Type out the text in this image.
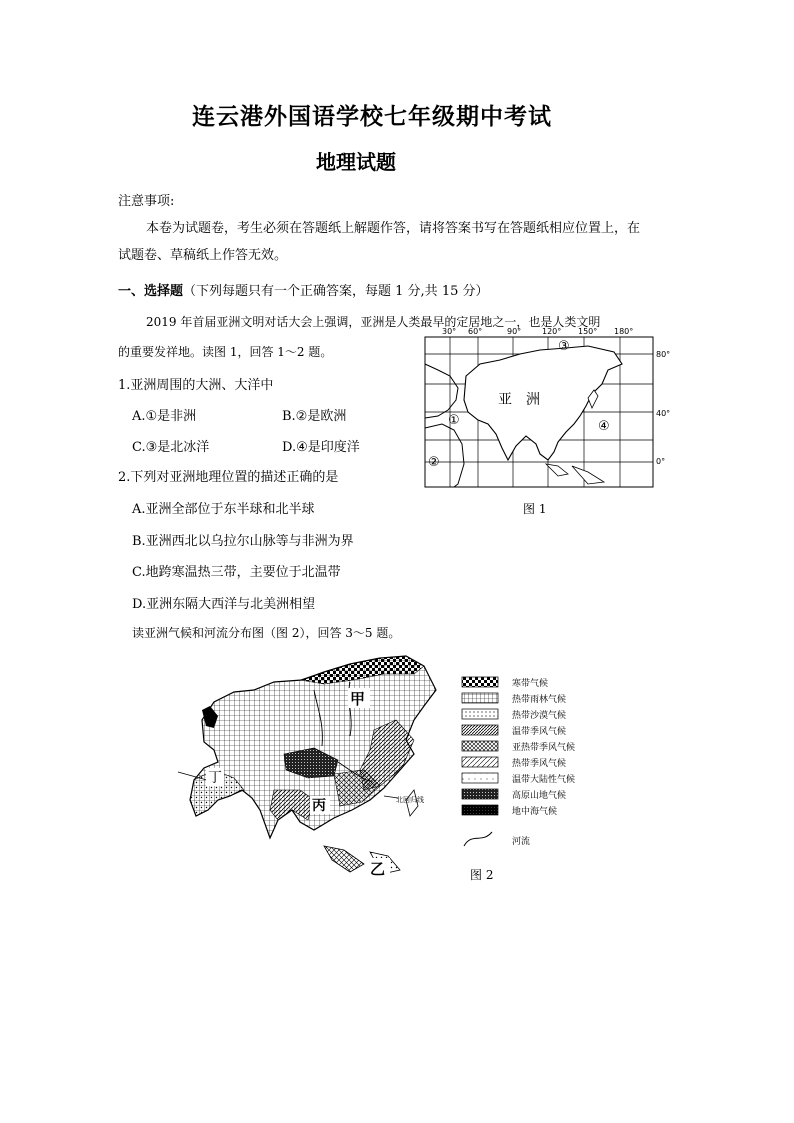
连云港外国语学校七年级期中考试
地理试题
注意事项:
本卷为试题卷，考生必须在答题纸上解题作答，请将答案书写在答题纸相应位置上，在
试题卷、草稿纸上作答无效。
一、选择题（下列每题只有一个正确答案，每题 1 分,共 15 分）
2019 年首届亚洲文明对话大会上强调，亚洲是人类最早的定居地之一，也是人类文明
的重要发祥地。读图 1，回答 1～2 题。
1.亚洲周围的大洲、大洋中
A.①是非洲	B.②是欧洲
C.③是北冰洋	D.④是印度洋
2.下列对亚洲地理位置的描述正确的是
A.亚洲全部位于东半球和北半球
B.亚洲西北以乌拉尔山脉等与非洲为界
C.地跨寒温热三带，主要位于北温带
D.亚洲东隔大西洋与北美洲相望
读亚洲气候和河流分布图（图 2），回答 3～5 题。
30° 60°	90°	120° 150° 180°
80°
40°
0°
①
②
③
④
亚　洲
图 1
甲
乙
丙
丁
北回归线
寒带气候
热带雨林气候
热带沙漠气候
温带季风气候
亚热带季风气候
热带季风气候
温带大陆性气候
高原山地气候
地中海气候
河流
图 2
